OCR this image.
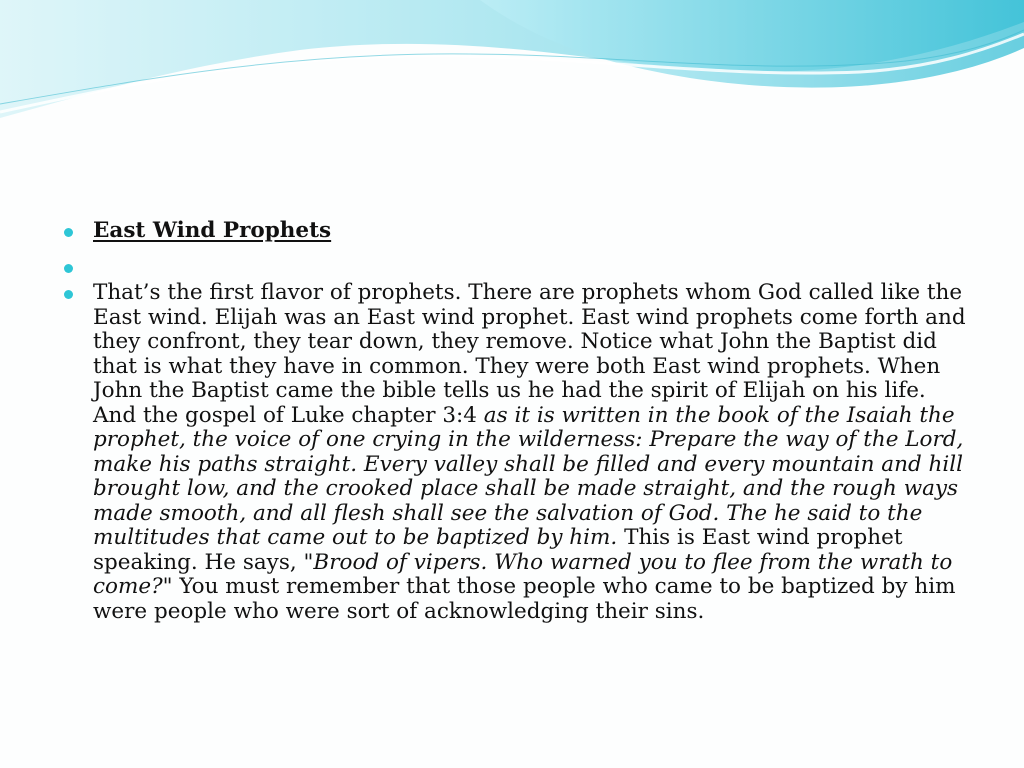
East Wind Prophets
That’s the first flavor of prophets. There are prophets whom God called like the East wind. Elijah was an East wind prophet. East wind prophets come forth and they confront, they tear down, they remove. Notice what John the Baptist did that is what they have in common. They were both East wind prophets. When John the Baptist came the bible tells us he had the spirit of Elijah on his life. And the gospel of Luke chapter 3:4 as it is written in the book of the Isaiah the prophet, the voice of one crying in the wilderness: Prepare the way of the Lord, make his paths straight. Every valley shall be filled and every mountain and hill brought low, and the crooked place shall be made straight, and the rough ways made smooth, and all flesh shall see the salvation of God. The he said to the multitudes that came out to be baptized by him. This is East wind prophet speaking. He says, "Brood of vipers. Who warned you to flee from the wrath to come?" You must remember that those people who came to be baptized by him were people who were sort of acknowledging their sins.
